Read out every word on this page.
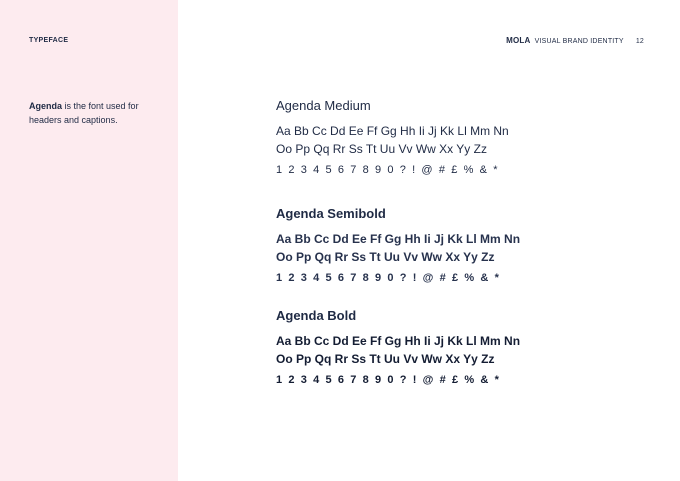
TYPEFACE
Agenda is the font used for headers and captions.
MOLA VISUAL BRAND IDENTITY 12
Agenda Medium
Aa Bb Cc Dd Ee Ff Gg Hh Ii Jj Kk Ll Mm Nn
Oo Pp Qq Rr Ss Tt Uu Vv Ww Xx Yy Zz
1 2 3 4 5 6 7 8 9 0 ? ! @ # £ % & *
Agenda Semibold
Aa Bb Cc Dd Ee Ff Gg Hh Ii Jj Kk Ll Mm Nn
Oo Pp Qq Rr Ss Tt Uu Vv Ww Xx Yy Zz
1 2 3 4 5 6 7 8 9 0 ? ! @ # £ % & *
Agenda Bold
Aa Bb Cc Dd Ee Ff Gg Hh Ii Jj Kk Ll Mm Nn
Oo Pp Qq Rr Ss Tt Uu Vv Ww Xx Yy Zz
1 2 3 4 5 6 7 8 9 0 ? ! @ # £ % & *
